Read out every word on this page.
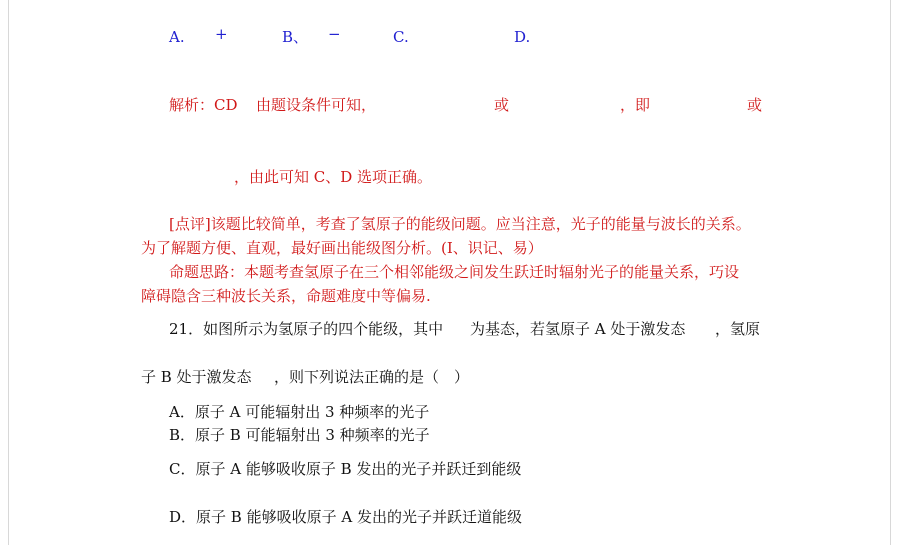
A. +	B、 −	C.	D.
解析：CD 由题设条件可知，	或	，即	或
，由此可知 C、D 选项正确。
[点评]该题比较简单，考查了氢原子的能级问题。应当注意，光子的能量与波长的关系。
为了解题方便、直观，最好画出能级图分析。(I、识记、易）
命题思路：本题考查氢原子在三个相邻能级之间发生跃迁时辐射光子的能量关系，巧设
障碍隐含三种波长关系，命题难度中等偏易.
21．如图所示为氢原子的四个能级，其中 为基态，若氢原子 A 处于激发态 ，氢原
子 B 处于激发态 ，则下列说法正确的是（　）
A．原子 A 可能辐射出 3 种频率的光子
B．原子 B 可能辐射出 3 种频率的光子
C．原子 A 能够吸收原子 B 发出的光子并跃迁到能级
D．原子 B 能够吸收原子 A 发出的光子并跃迁道能级
